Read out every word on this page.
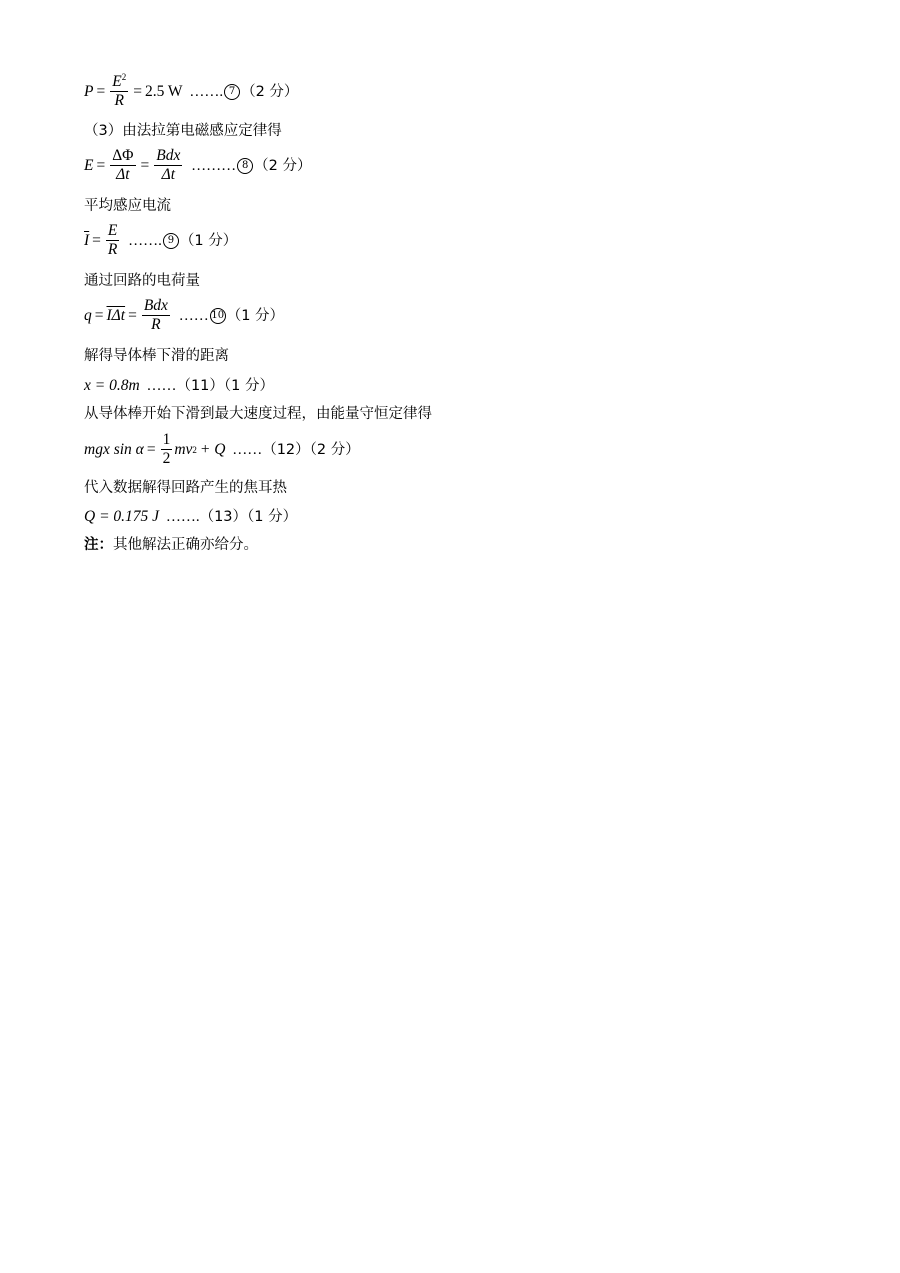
$P = \frac{E^2}{R} = 2.5$ W ……. 7 （2 分）
（3）由法拉第电磁感应定律得
$E = \frac{\Delta\Phi}{\Delta t} = \frac{\text{Bdx}}{\Delta t}$ ……… 8 （2 分）
平均感应电流
$\overline{I} = \frac{E}{R}$ ……. 9 （1 分）
通过回路的电荷量
$q = \overline{I\Delta t} = \frac{\text{Bdx}}{R}$ …… 10 （1 分）
解得导体棒下滑的距离
x = 0.8m ……（11）（1 分）
从导体棒开始下滑到最大速度过程，由能量守恒定律得
mgx $\sin \alpha = \frac{1}{2}$ mv 2 + Q ……（12）（2 分）
代入数据解得回路产生的焦耳热
Q = 0.175 J …….（13）（1 分）
注：其他解法正确亦给分。
